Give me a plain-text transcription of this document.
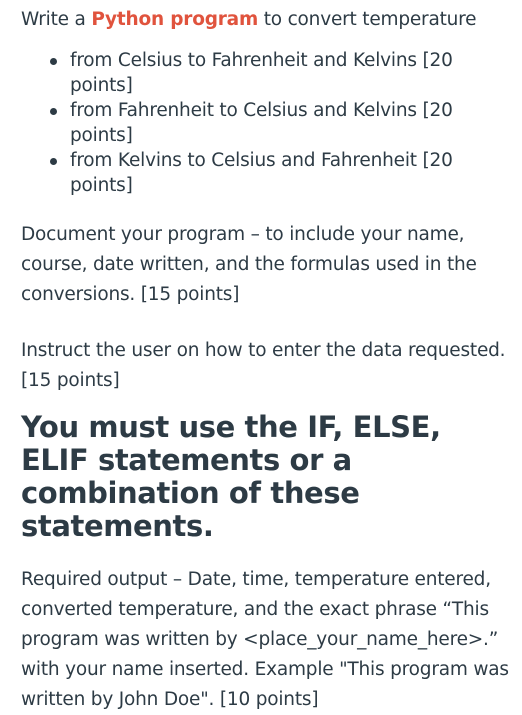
Write a Python program to convert temperature

from Celsius to Fahrenheit and Kelvins [20 points]
from Fahrenheit to Celsius and Kelvins [20 points]
from Kelvins to Celsius and Fahrenheit [20 points]

Document your program – to include your name, course, date written, and the formulas used in the conversions. [15 points]

Instruct the user on how to enter the data requested. [15 points]

You must use the IF, ELSE, ELIF statements or a combination of these statements.

Required output – Date, time, temperature entered, converted temperature, and the exact phrase “This program was written by <place_your_name_here>.” with your name inserted. Example "This program was written by John Doe". [10 points]
